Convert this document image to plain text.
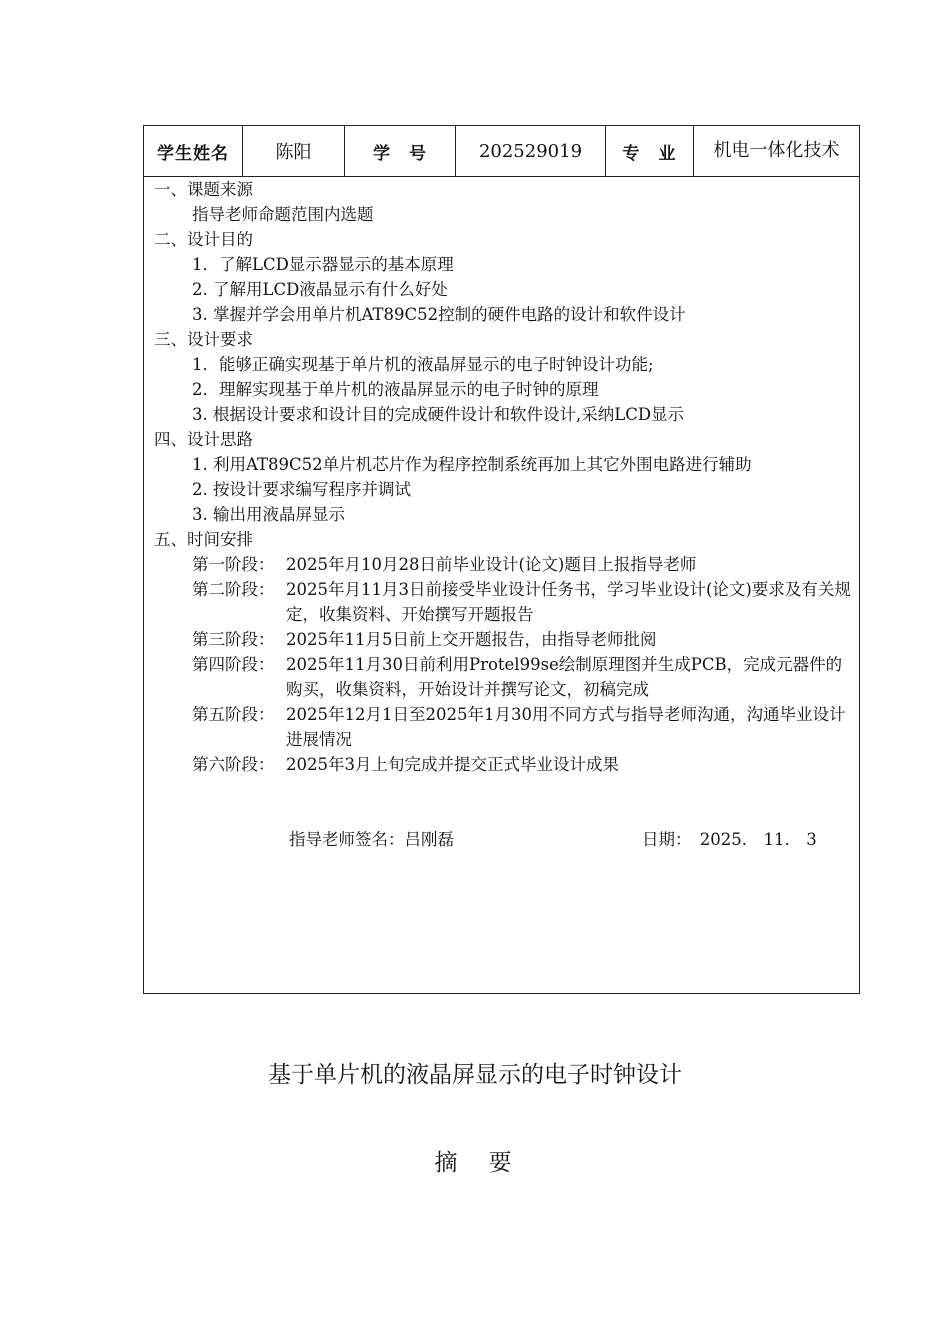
学生姓名	陈阳	学　号	202529019	专　业	机电一体化技术
一、课题来源
指导老师命题范围内选题
二、设计目的
1．了解LCD显示器显示的基本原理
2. 了解用LCD液晶显示有什么好处
3. 掌握并学会用单片机AT89C52控制的硬件电路的设计和软件设计
三、设计要求
1．能够正确实现基于单片机的液晶屏显示的电子时钟设计功能;
2．理解实现基于单片机的液晶屏显示的电子时钟的原理
3. 根据设计要求和设计目的完成硬件设计和软件设计,采纳LCD显示
四、设计思路
1. 利用AT89C52单片机芯片作为程序控制系统再加上其它外围电路进行辅助
2. 按设计要求编写程序并调试
3. 输出用液晶屏显示
五、时间安排
第一阶段： 2025年月10月28日前毕业设计(论文)题目上报指导老师
第二阶段： 2025年月11月3日前接受毕业设计任务书，学习毕业设计(论文)要求及有关规定，收集资料、开始撰写开题报告
第三阶段： 2025年11月5日前上交开题报告，由指导老师批阅
第四阶段： 2025年11月30日前利用Protel99se绘制原理图并生成PCB，完成元器件的购买，收集资料，开始设计并撰写论文，初稿完成
第五阶段： 2025年12月1日至2025年1月30用不同方式与指导老师沟通，沟通毕业设计进展情况
第六阶段： 2025年3月上旬完成并提交正式毕业设计成果
指导老师签名：吕刚磊	日期：　2025.　11.　3
基于单片机的液晶屏显示的电子时钟设计
摘　要
